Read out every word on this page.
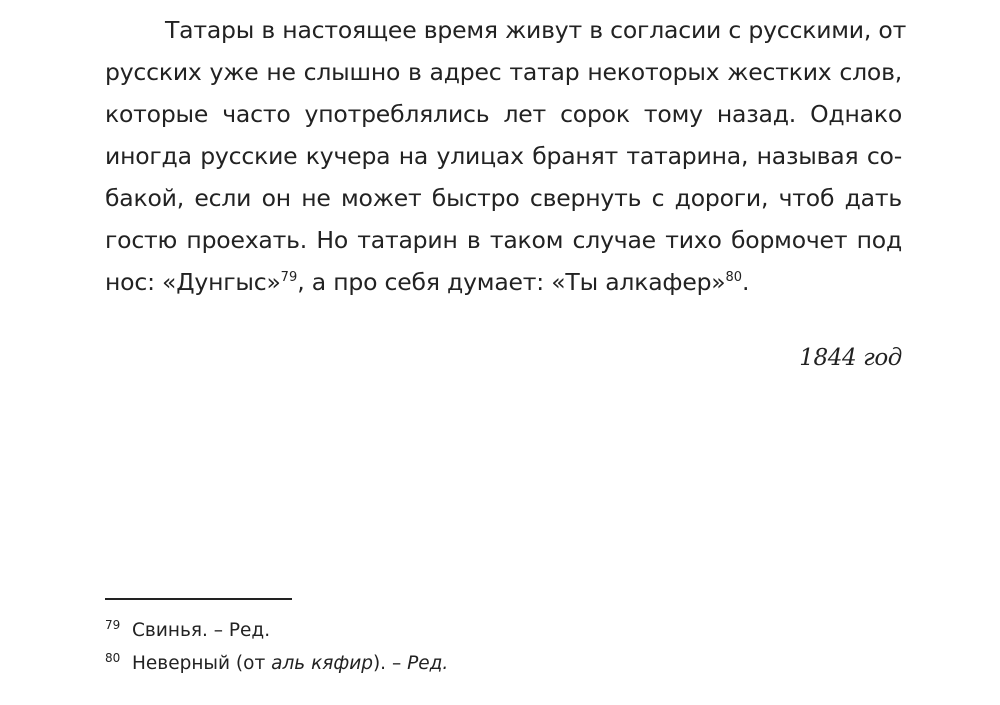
Татары в настоящее время живут в согласии с русскими, от
русских уже не слышно в адрес татар некоторых жестких слов,
которые часто употреблялись лет сорок тому назад. Однако
иногда русские кучера на улицах бранят татарина, называя со-
бакой, если он не может быстро свернуть с дороги, чтоб дать
гостю проехать. Но татарин в таком случае тихо бормочет под
нос: «Дунгыс»$^{79}$, а про себя думает: «Ты алкафер»$^{80}$.
1844 год
79 Свинья. – Ред.
80 Неверный (от аль кяфир). – Ред.
